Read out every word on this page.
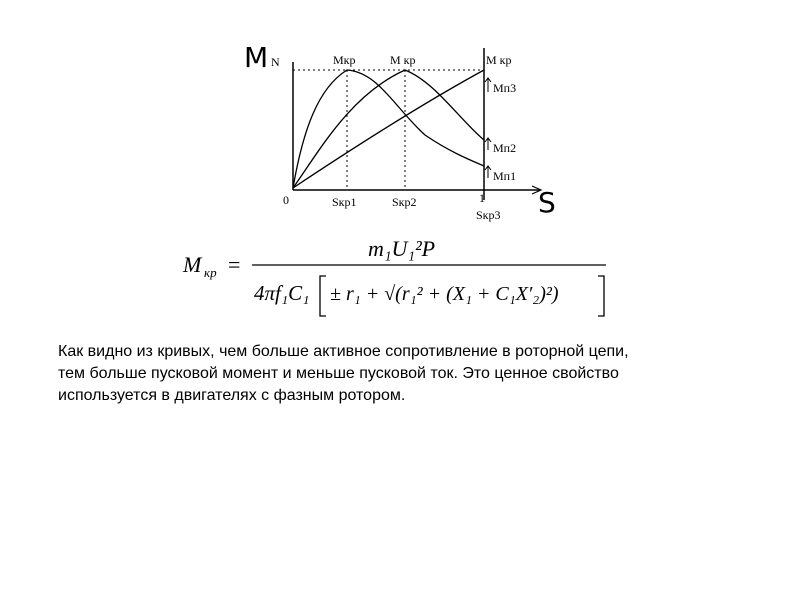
M N
S
0	1
Mкр	M кр	M кр
Mп3
Mп2
Mп1
Sкр1	Sкр2
Sкр3
M кр =
m₁U₁²P
4πf₁C₁ ± r₁ + √(r₁² + (X₁ + C₁X′₂)²)
Как видно из кривых, чем больше активное сопротивление в роторной цепи,
тем больше пусковой момент и меньше пусковой ток. Это ценное свойство
используется в двигателях с фазным ротором.
